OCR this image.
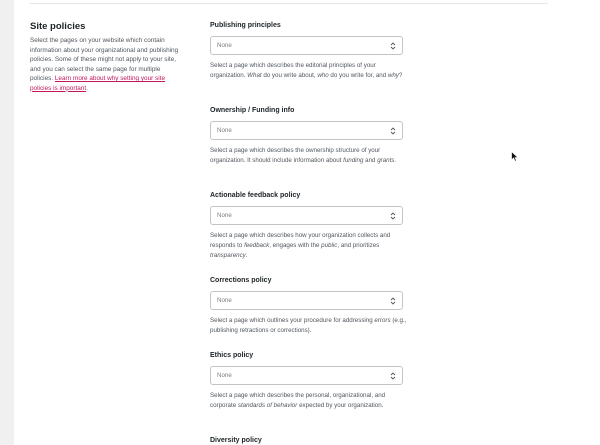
Site policies
Select the pages on your website which contain information about your organizational and publishing policies. Some of these might not apply to your site, and you can select the same page for multiple policies. Learn more about why setting your site policies is important.
Publishing principles
None
Select a page which describes the editorial principles of your organization. What do you write about, who do you write for, and why?
Ownership / Funding info
None
Select a page which describes the ownership structure of your organization. It should include information about funding and grants.
Actionable feedback policy
None
Select a page which describes how your organization collects and responds to feedback, engages with the public, and prioritizes transparency.
Corrections policy
None
Select a page which outlines your procedure for addressing errors (e.g., publishing retractions or corrections).
Ethics policy
None
Select a page which describes the personal, organizational, and corporate standards of behavior expected by your organization.
Diversity policy
